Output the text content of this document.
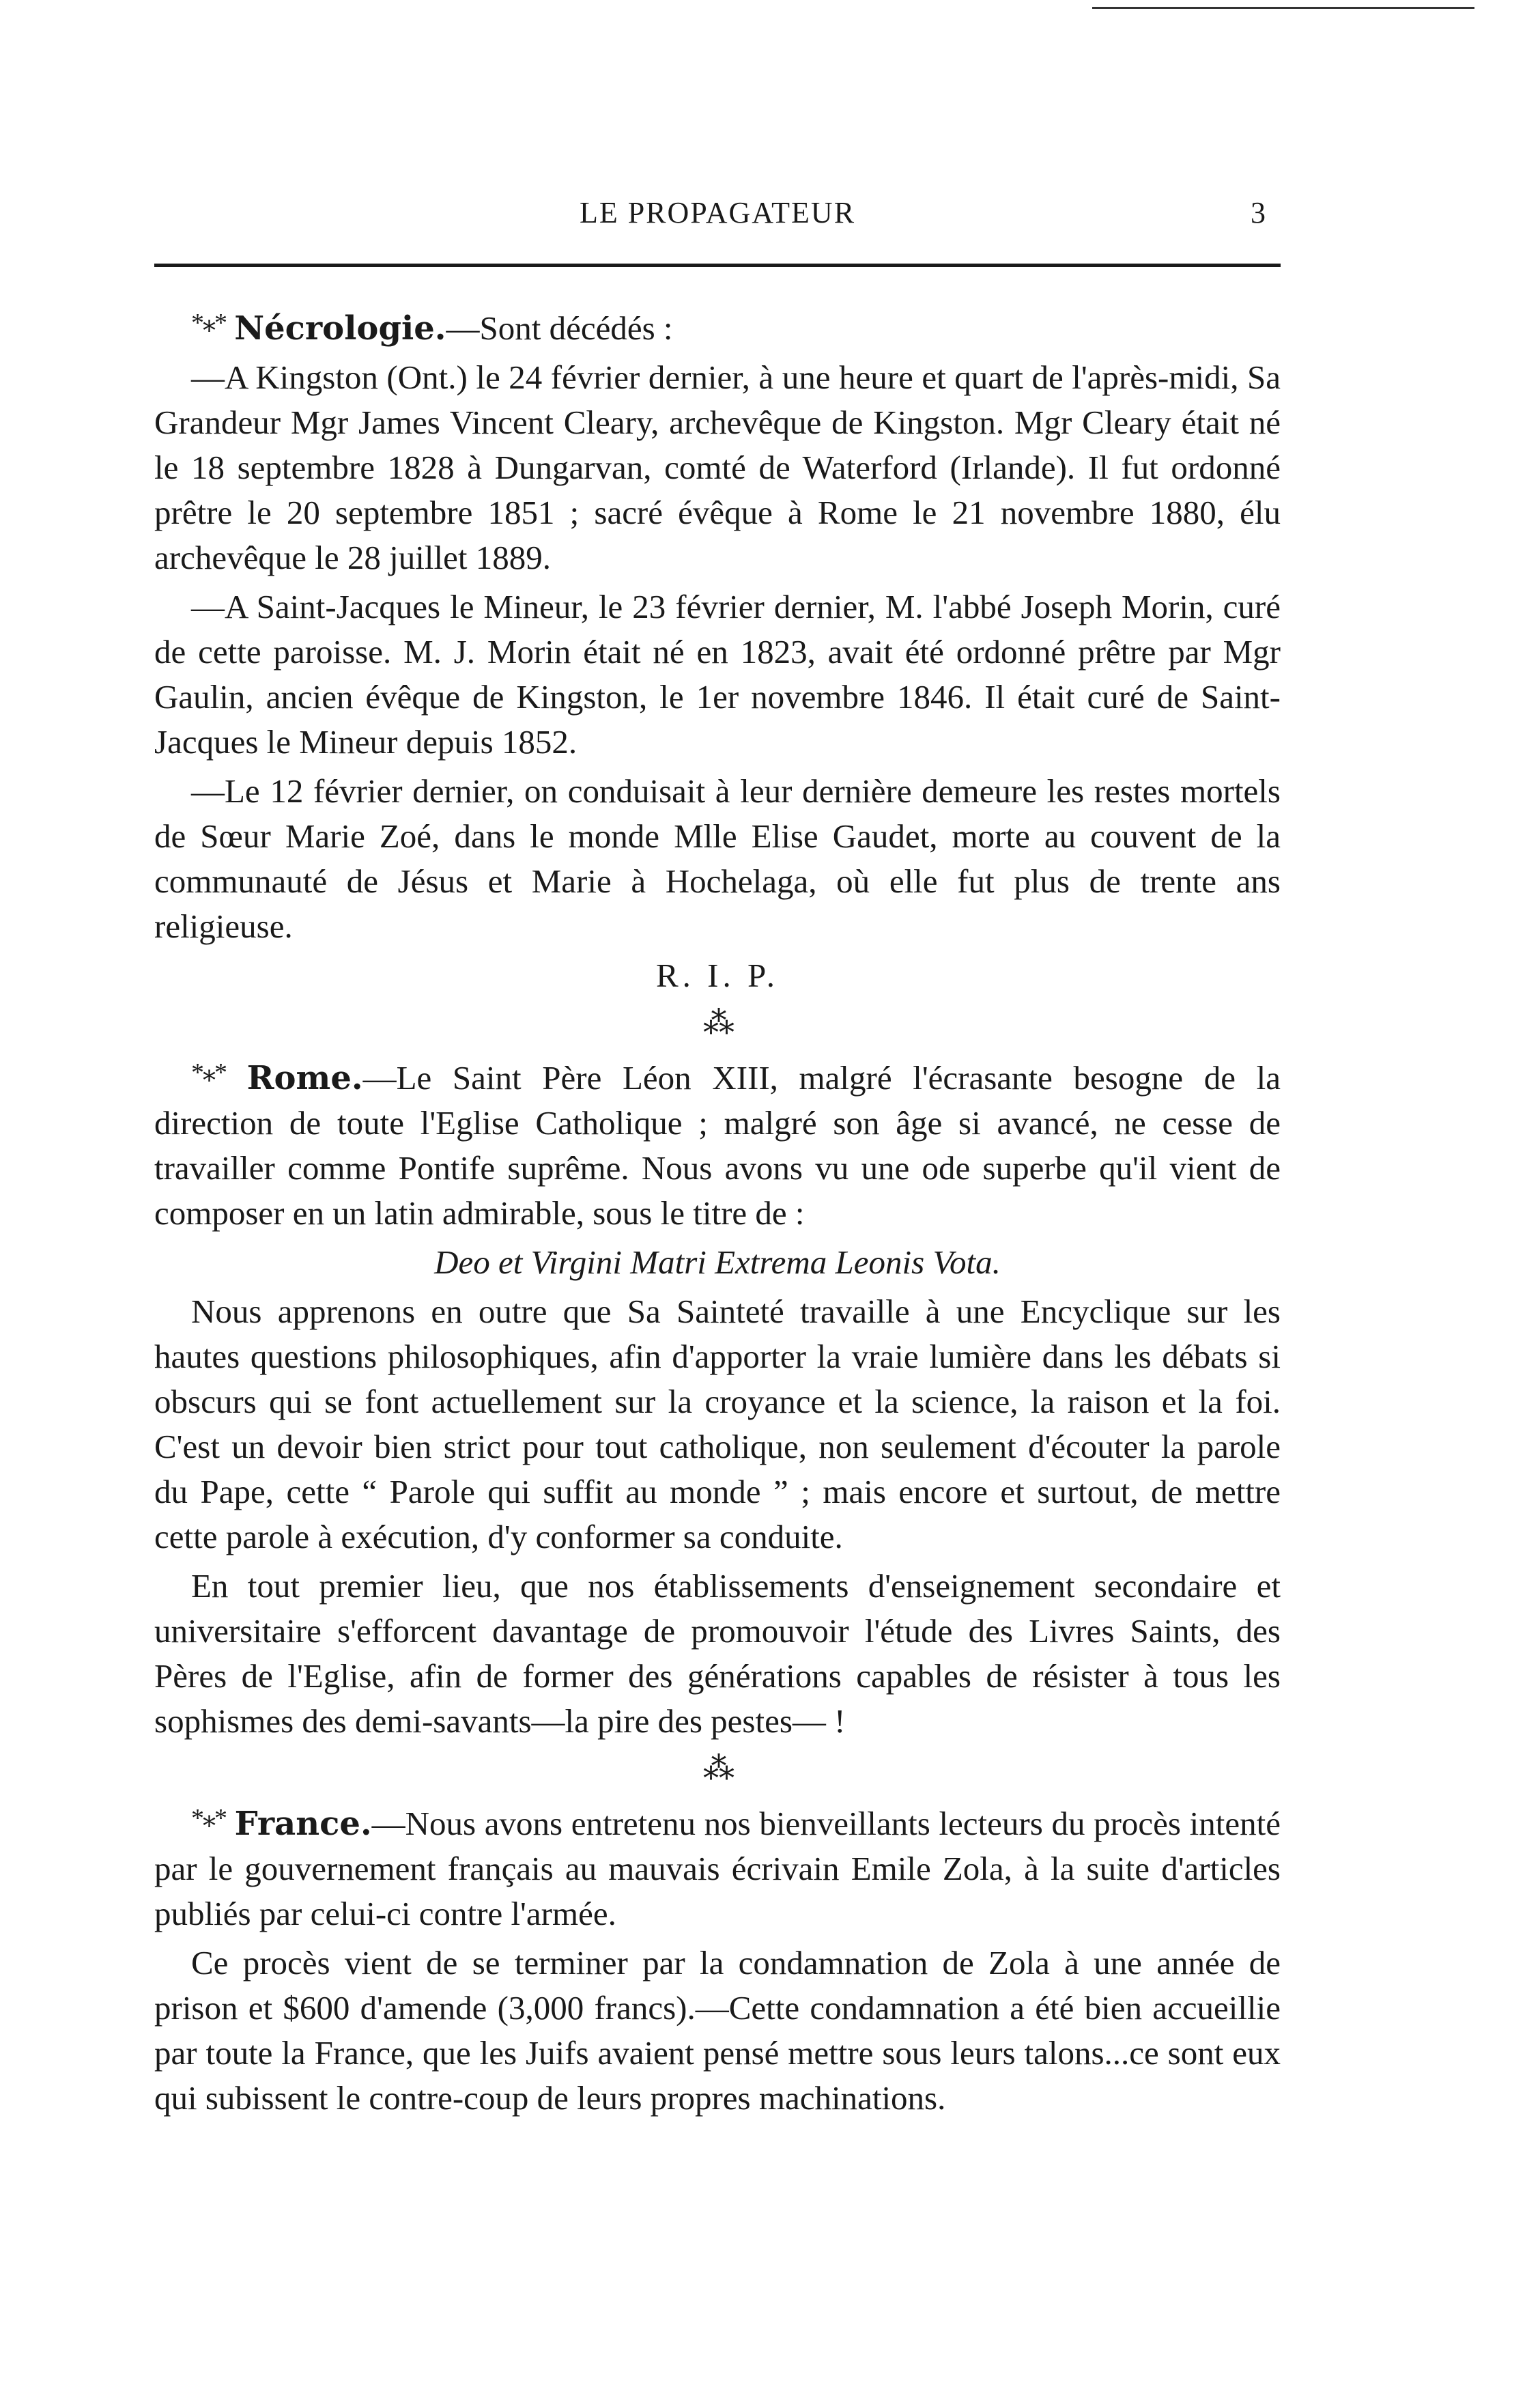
LE PROPAGATEUR	3

*⁎* Nécrologie.—Sont décédés :

—A Kingston (Ont.) le 24 février dernier, à une heure et quart de l'après-midi, Sa Grandeur Mgr James Vincent Cleary, archevêque de Kingston. Mgr Cleary était né le 18 septembre 1828 à Dungarvan, comté de Waterford (Irlande). Il fut ordonné prêtre le 20 septembre 1851 ; sacré évêque à Rome le 21 novembre 1880, élu archevêque le 28 juillet 1889.

—A Saint-Jacques le Mineur, le 23 février dernier, M. l'abbé Joseph Morin, curé de cette paroisse. M. J. Morin était né en 1823, avait été ordonné prêtre par Mgr Gaulin, ancien évêque de Kingston, le 1er novembre 1846. Il était curé de Saint-Jacques le Mineur depuis 1852.

—Le 12 février dernier, on conduisait à leur dernière demeure les restes mortels de Sœur Marie Zoé, dans le monde Mlle Elise Gaudet, morte au couvent de la communauté de Jésus et Marie à Hochelaga, où elle fut plus de trente ans religieuse.

R. I. P.
⁂

*⁎* Rome.—Le Saint Père Léon XIII, malgré l'écrasante besogne de la direction de toute l'Eglise Catholique ; malgré son âge si avancé, ne cesse de travailler comme Pontife suprême. Nous avons vu une ode superbe qu'il vient de composer en un latin admirable, sous le titre de :

Deo et Virgini Matri Extrema Leonis Vota.

Nous apprenons en outre que Sa Sainteté travaille à une Encyclique sur les hautes questions philosophiques, afin d'apporter la vraie lumière dans les débats si obscurs qui se font actuellement sur la croyance et la science, la raison et la foi. C'est un devoir bien strict pour tout catholique, non seulement d'écouter la parole du Pape, cette “ Parole qui suffit au monde ” ; mais encore et surtout, de mettre cette parole à exécution, d'y conformer sa conduite.

En tout premier lieu, que nos établissements d'enseignement secondaire et universitaire s'efforcent davantage de promouvoir l'étude des Livres Saints, des Pères de l'Eglise, afin de former des générations capables de résister à tous les sophismes des demi-savants—la pire des pestes— !

⁂

*⁎* France.—Nous avons entretenu nos bienveillants lecteurs du procès intenté par le gouvernement français au mauvais écrivain Emile Zola, à la suite d'articles publiés par celui-ci contre l'armée.

Ce procès vient de se terminer par la condamnation de Zola à une année de prison et $600 d'amende (3,000 francs).—Cette condamnation a été bien accueillie par toute la France, que les Juifs avaient pensé mettre sous leurs talons...ce sont eux qui subissent le contre-coup de leurs propres machinations.
